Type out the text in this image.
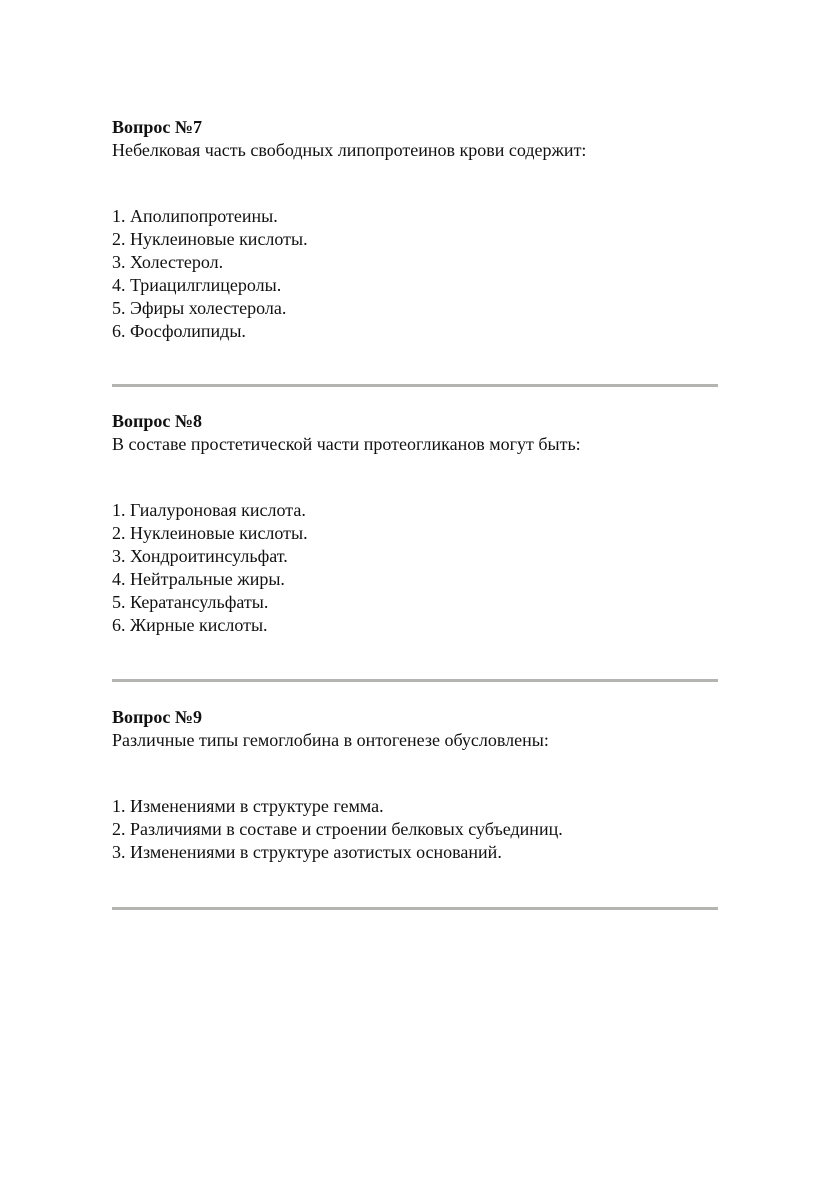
Вопрос №7

Небелковая часть свободных липопротеинов крови содержит:

1. Аполипопротеины.
2. Нуклеиновые кислоты.
3. Холестерол.
4. Триацилглицеролы.
5. Эфиры холестерола.
6. Фосфолипиды.

Вопрос №8

В составе простетической части протеогликанов могут быть:

1. Гиалуроновая кислота.
2. Нуклеиновые кислоты.
3. Хондроитинсульфат.
4. Нейтральные жиры.
5. Кератансульфаты.
6. Жирные кислоты.

Вопрос №9

Различные типы гемоглобина в онтогенезе обусловлены:

1. Изменениями в структуре гемма.
2. Различиями в составе и строении белковых субъединиц.
3. Изменениями в структуре азотистых оснований.
